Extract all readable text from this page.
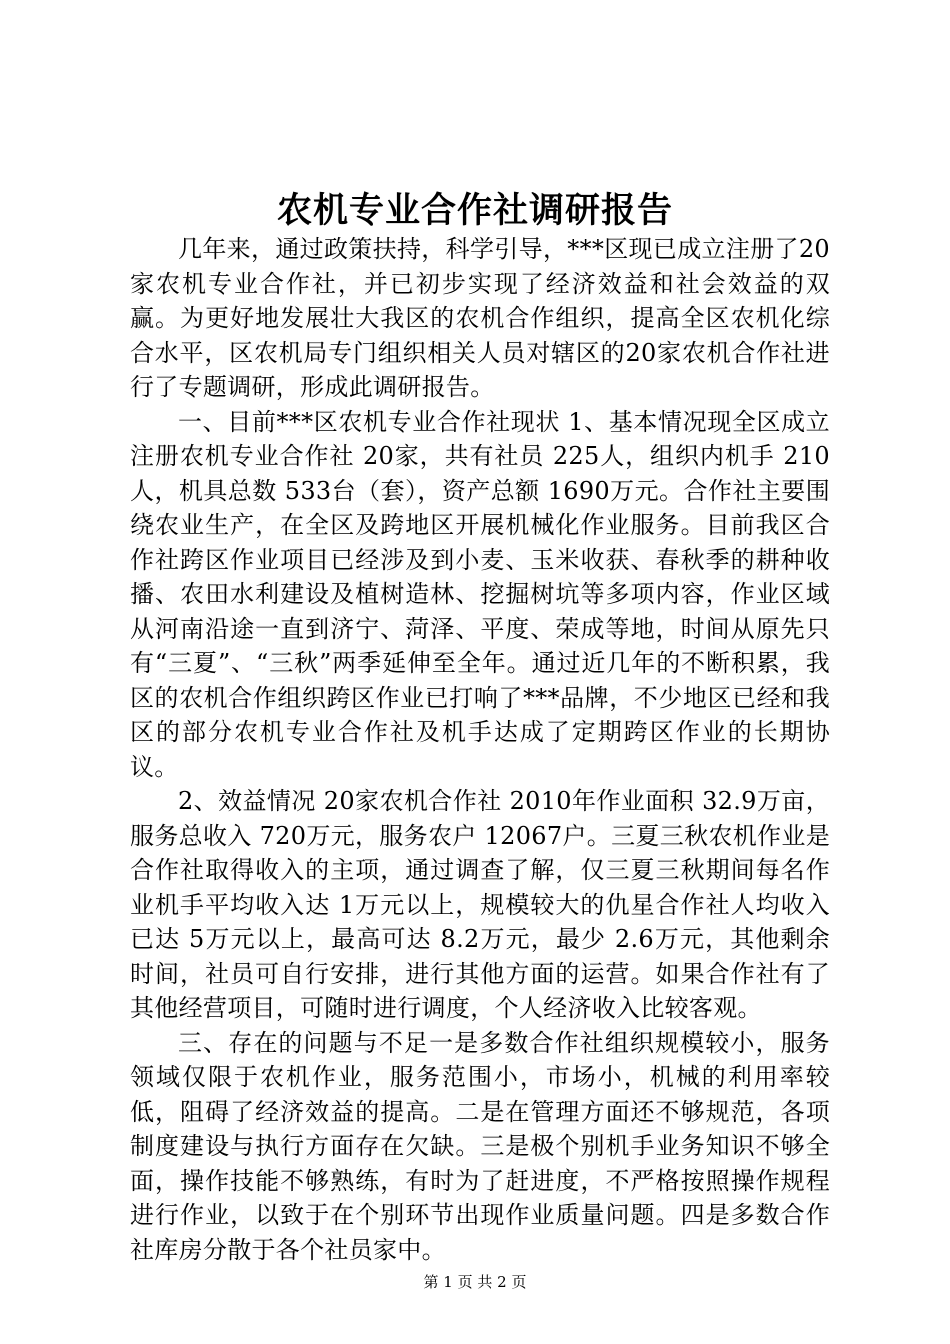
农机专业合作社调研报告

几年来，通过政策扶持，科学引导，***区现已成立注册了20家农机专业合作社，并已初步实现了经济效益和社会效益的双赢。为更好地发展壮大我区的农机合作组织，提高全区农机化综合水平，区农机局专门组织相关人员对辖区的20家农机合作社进行了专题调研，形成此调研报告。

一、目前***区农机专业合作社现状 1、基本情况现全区成立注册农机专业合作社 20家，共有社员 225人，组织内机手 210人，机具总数 533台（套），资产总额 1690万元。合作社主要围绕农业生产，在全区及跨地区开展机械化作业服务。目前我区合作社跨区作业项目已经涉及到小麦、玉米收获、春秋季的耕种收播、农田水利建设及植树造林、挖掘树坑等多项内容，作业区域从河南沿途一直到济宁、菏泽、平度、荣成等地，时间从原先只有“三夏”、“三秋”两季延伸至全年。通过近几年的不断积累，我区的农机合作组织跨区作业已打响了***品牌，不少地区已经和我区的部分农机专业合作社及机手达成了定期跨区作业的长期协议。

2、效益情况 20家农机合作社 2010年作业面积 32.9万亩，服务总收入 720万元，服务农户 12067户。三夏三秋农机作业是合作社取得收入的主项，通过调查了解，仅三夏三秋期间每名作业机手平均收入达 1万元以上，规模较大的仇星合作社人均收入已达 5万元以上，最高可达 8.2万元，最少 2.6万元，其他剩余时间，社员可自行安排，进行其他方面的运营。如果合作社有了其他经营项目，可随时进行调度，个人经济收入比较客观。

三、存在的问题与不足一是多数合作社组织规模较小，服务领域仅限于农机作业，服务范围小，市场小，机械的利用率较低，阻碍了经济效益的提高。二是在管理方面还不够规范，各项制度建设与执行方面存在欠缺。三是极个别机手业务知识不够全面，操作技能不够熟练，有时为了赶进度，不严格按照操作规程进行作业，以致于在个别环节出现作业质量问题。四是多数合作社库房分散于各个社员家中。

第 1 页 共 2 页
